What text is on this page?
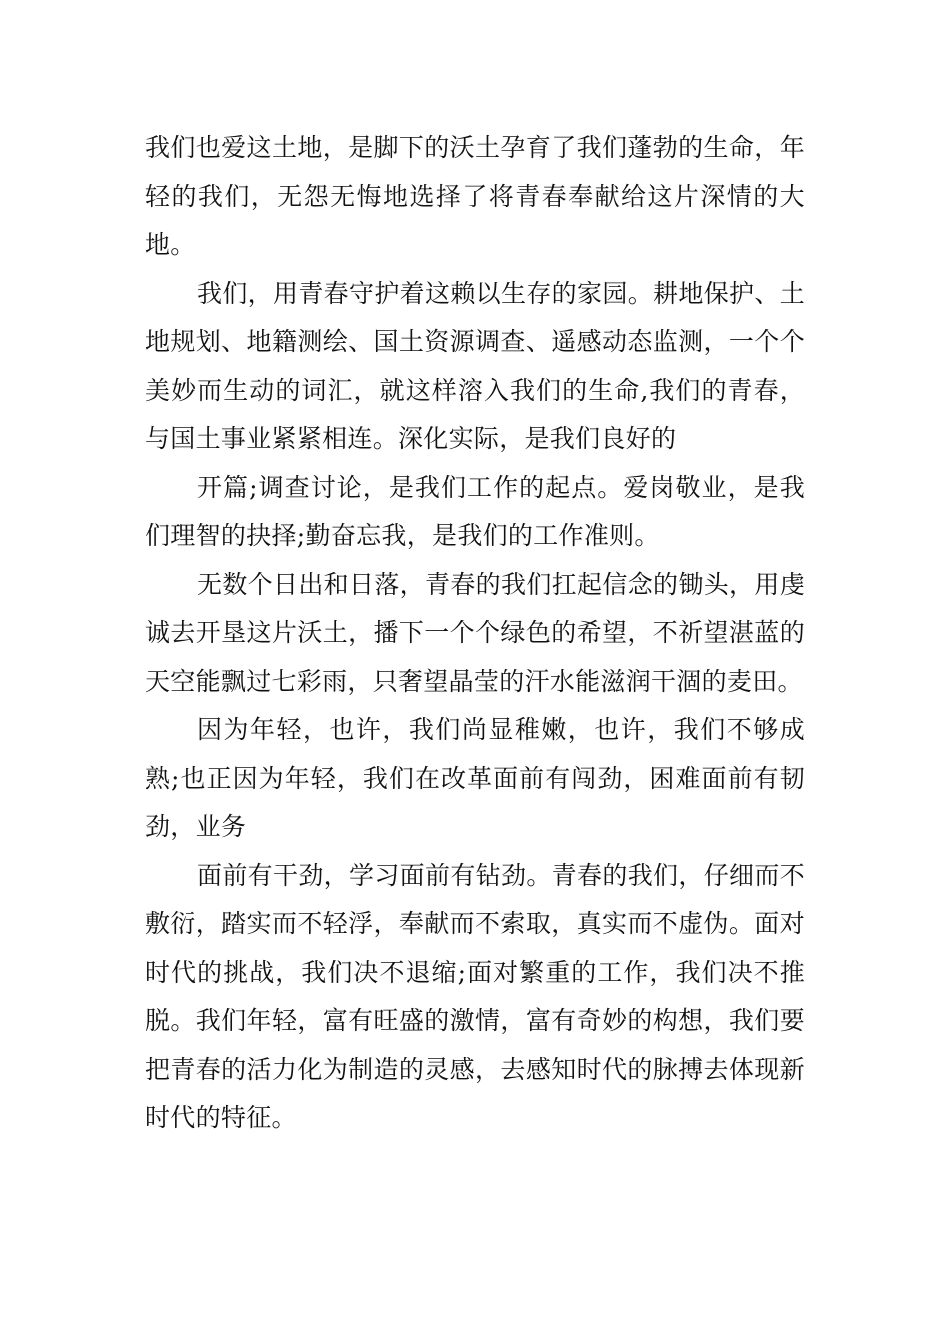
我们也爱这土地，是脚下的沃土孕育了我们蓬勃的生命，年轻的我们，无怨无悔地选择了将青春奉献给这片深情的大地。

我们，用青春守护着这赖以生存的家园。耕地保护、土地规划、地籍测绘、国土资源调查、遥感动态监测，一个个美妙而生动的词汇，就这样溶入我们的生命,我们的青春，与国土事业紧紧相连。深化实际，是我们良好的

开篇;调查讨论，是我们工作的起点。爱岗敬业，是我们理智的抉择;勤奋忘我，是我们的工作准则。

无数个日出和日落，青春的我们扛起信念的锄头，用虔诚去开垦这片沃土，播下一个个绿色的希望，不祈望湛蓝的天空能飘过七彩雨，只奢望晶莹的汗水能滋润干涸的麦田。

因为年轻，也许，我们尚显稚嫩，也许，我们不够成熟;也正因为年轻，我们在改革面前有闯劲，困难面前有韧劲，业务

面前有干劲，学习面前有钻劲。青春的我们，仔细而不敷衍，踏实而不轻浮，奉献而不索取，真实而不虚伪。面对时代的挑战，我们决不退缩;面对繁重的工作，我们决不推脱。我们年轻，富有旺盛的激情，富有奇妙的构想，我们要把青春的活力化为制造的灵感，去感知时代的脉搏去体现新时代的特征。
